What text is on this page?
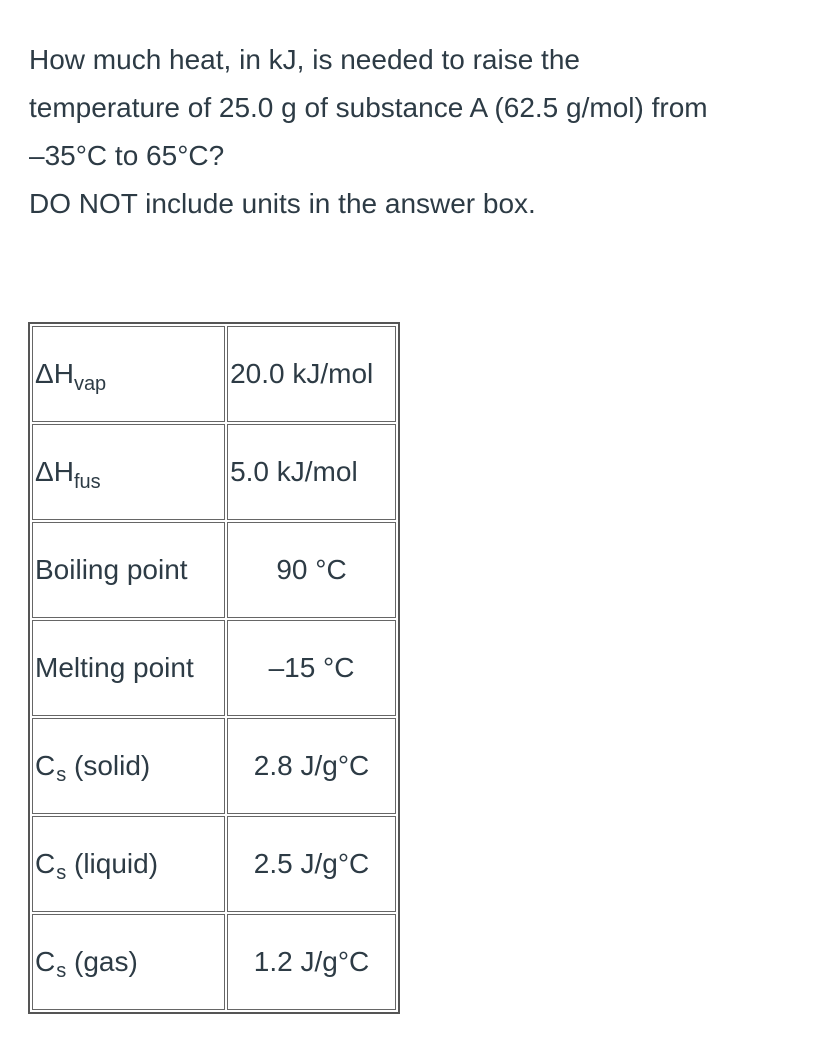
How much heat, in kJ, is needed to raise the

temperature of 25.0 g of substance A (62.5 g/mol) from

–35°C to 65°C?

DO NOT include units in the answer box.

$\Delta H_{vap}$	20.0 kJ/mol
$\Delta H_{fus}$	5.0 kJ/mol
Boiling point	90 °C
Melting point	–15 °C
$C_s$ (solid)	2.8 J/g°C
$C_s$ (liquid)	2.5 J/g°C
$C_s$ (gas)	1.2 J/g°C
